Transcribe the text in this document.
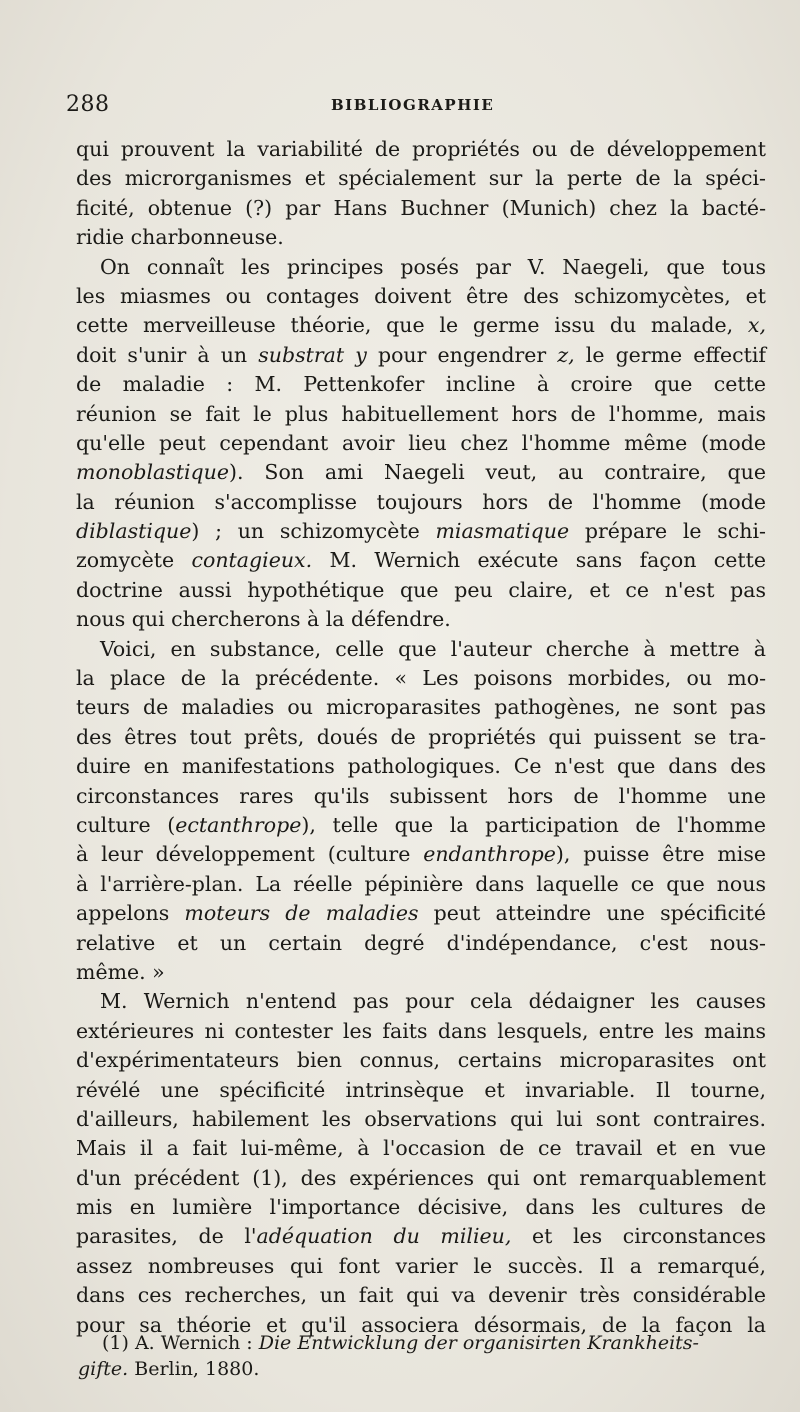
288	BIBLIOGRAPHIE
qui prouvent la variabilité de propriétés ou de développement
des microrganismes et spécialement sur la perte de la spéci-
ficité, obtenue (?) par Hans Buchner (Munich) chez la bacté-
ridie charbonneuse.
On connaît les principes posés par V. Naegeli, que tous
les miasmes ou contages doivent être des schizomycètes, et
cette merveilleuse théorie, que le germe issu du malade, x,
doit s'unir à un substrat y pour engendrer z, le germe effectif
de maladie : M. Pettenkofer incline à croire que cette
réunion se fait le plus habituellement hors de l'homme, mais
qu'elle peut cependant avoir lieu chez l'homme même (mode
monoblastique). Son ami Naegeli veut, au contraire, que
la réunion s'accomplisse toujours hors de l'homme (mode
diblastique) ; un schizomycète miasmatique prépare le schi-
zomycète contagieux. M. Wernich exécute sans façon cette
doctrine aussi hypothétique que peu claire, et ce n'est pas
nous qui chercherons à la défendre.
Voici, en substance, celle que l'auteur cherche à mettre à
la place de la précédente. « Les poisons morbides, ou mo-
teurs de maladies ou microparasites pathogènes, ne sont pas
des êtres tout prêts, doués de propriétés qui puissent se tra-
duire en manifestations pathologiques. Ce n'est que dans des
circonstances rares qu'ils subissent hors de l'homme une
culture (ectanthrope), telle que la participation de l'homme
à leur développement (culture endanthrope), puisse être mise
à l'arrière-plan. La réelle pépinière dans laquelle ce que nous
appelons moteurs de maladies peut atteindre une spécificité
relative et un certain degré d'indépendance, c'est nous-
même. »
M. Wernich n'entend pas pour cela dédaigner les causes
extérieures ni contester les faits dans lesquels, entre les mains
d'expérimentateurs bien connus, certains microparasites ont
révélé une spécificité intrinsèque et invariable. Il tourne,
d'ailleurs, habilement les observations qui lui sont contraires.
Mais il a fait lui-même, à l'occasion de ce travail et en vue
d'un précédent (1), des expériences qui ont remarquablement
mis en lumière l'importance décisive, dans les cultures de
parasites, de l'adéquation du milieu, et les circonstances
assez nombreuses qui font varier le succès. Il a remarqué,
dans ces recherches, un fait qui va devenir très considérable
pour sa théorie et qu'il associera désormais, de la façon la
(1) A. Wernich : Die Entwicklung der organisirten Krankheits-
gifte. Berlin, 1880.
